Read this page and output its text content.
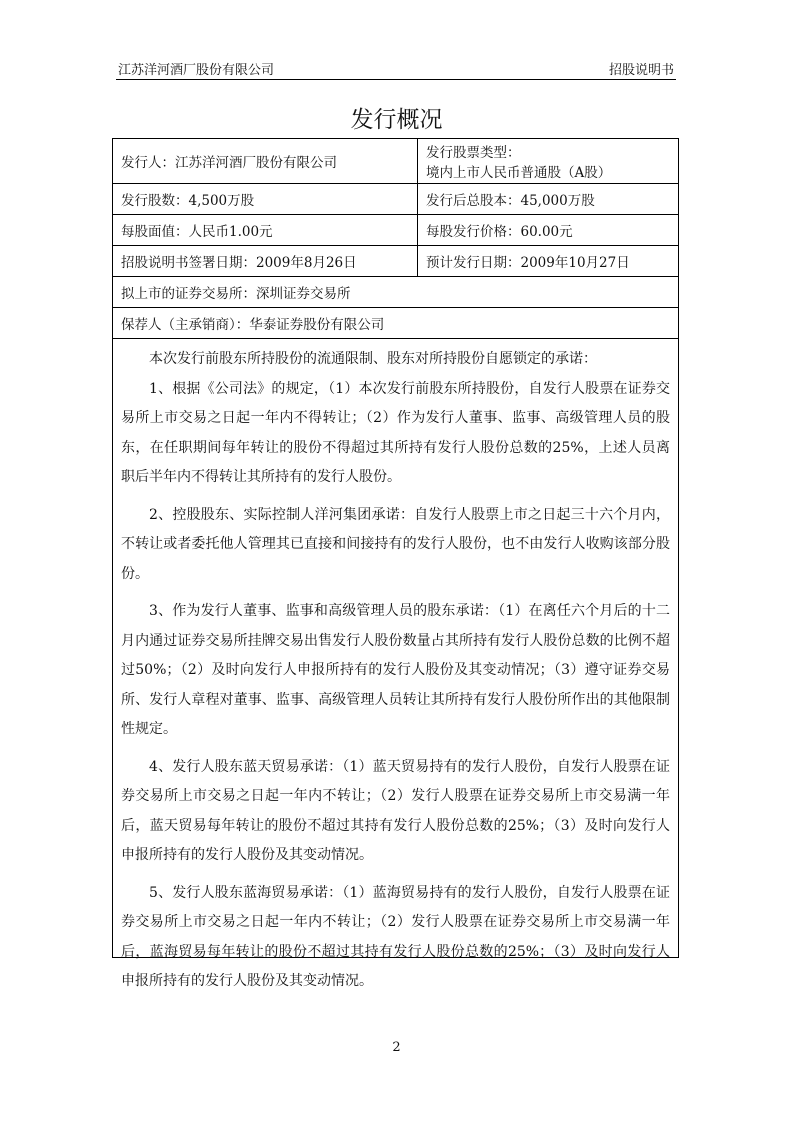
江苏洋河酒厂股份有限公司	招股说明书
发行概况
发行人：江苏洋河酒厂股份有限公司
发行股票类型：
境内上市人民币普通股（A股）
发行股数：4,500万股	发行后总股本：45,000万股
每股面值：人民币1.00元	每股发行价格：60.00元
招股说明书签署日期：2009年8月26日	预计发行日期：2009年10月27日
拟上市的证券交易所：深圳证券交易所
保荐人（主承销商）：华泰证券股份有限公司

本次发行前股东所持股份的流通限制、股东对所持股份自愿锁定的承诺：

1、根据《公司法》的规定，（1）本次发行前股东所持股份，自发行人股票在证券交易所上市交易之日起一年内不得转让；（2）作为发行人董事、监事、高级管理人员的股东，在任职期间每年转让的股份不得超过其所持有发行人股份总数的25%，上述人员离职后半年内不得转让其所持有的发行人股份。

2、控股股东、实际控制人洋河集团承诺：自发行人股票上市之日起三十六个月内，不转让或者委托他人管理其已直接和间接持有的发行人股份，也不由发行人收购该部分股份。

3、作为发行人董事、监事和高级管理人员的股东承诺：（1）在离任六个月后的十二月内通过证券交易所挂牌交易出售发行人股份数量占其所持有发行人股份总数的比例不超过50%；（2）及时向发行人申报所持有的发行人股份及其变动情况；（3）遵守证券交易所、发行人章程对董事、监事、高级管理人员转让其所持有发行人股份所作出的其他限制性规定。

4、发行人股东蓝天贸易承诺：（1）蓝天贸易持有的发行人股份，自发行人股票在证券交易所上市交易之日起一年内不转让；（2）发行人股票在证券交易所上市交易满一年后，蓝天贸易每年转让的股份不超过其持有发行人股份总数的25%；（3）及时向发行人申报所持有的发行人股份及其变动情况。

5、发行人股东蓝海贸易承诺：（1）蓝海贸易持有的发行人股份，自发行人股票在证券交易所上市交易之日起一年内不转让；（2）发行人股票在证券交易所上市交易满一年后，蓝海贸易每年转让的股份不超过其持有发行人股份总数的25%；（3）及时向发行人申报所持有的发行人股份及其变动情况。

2
